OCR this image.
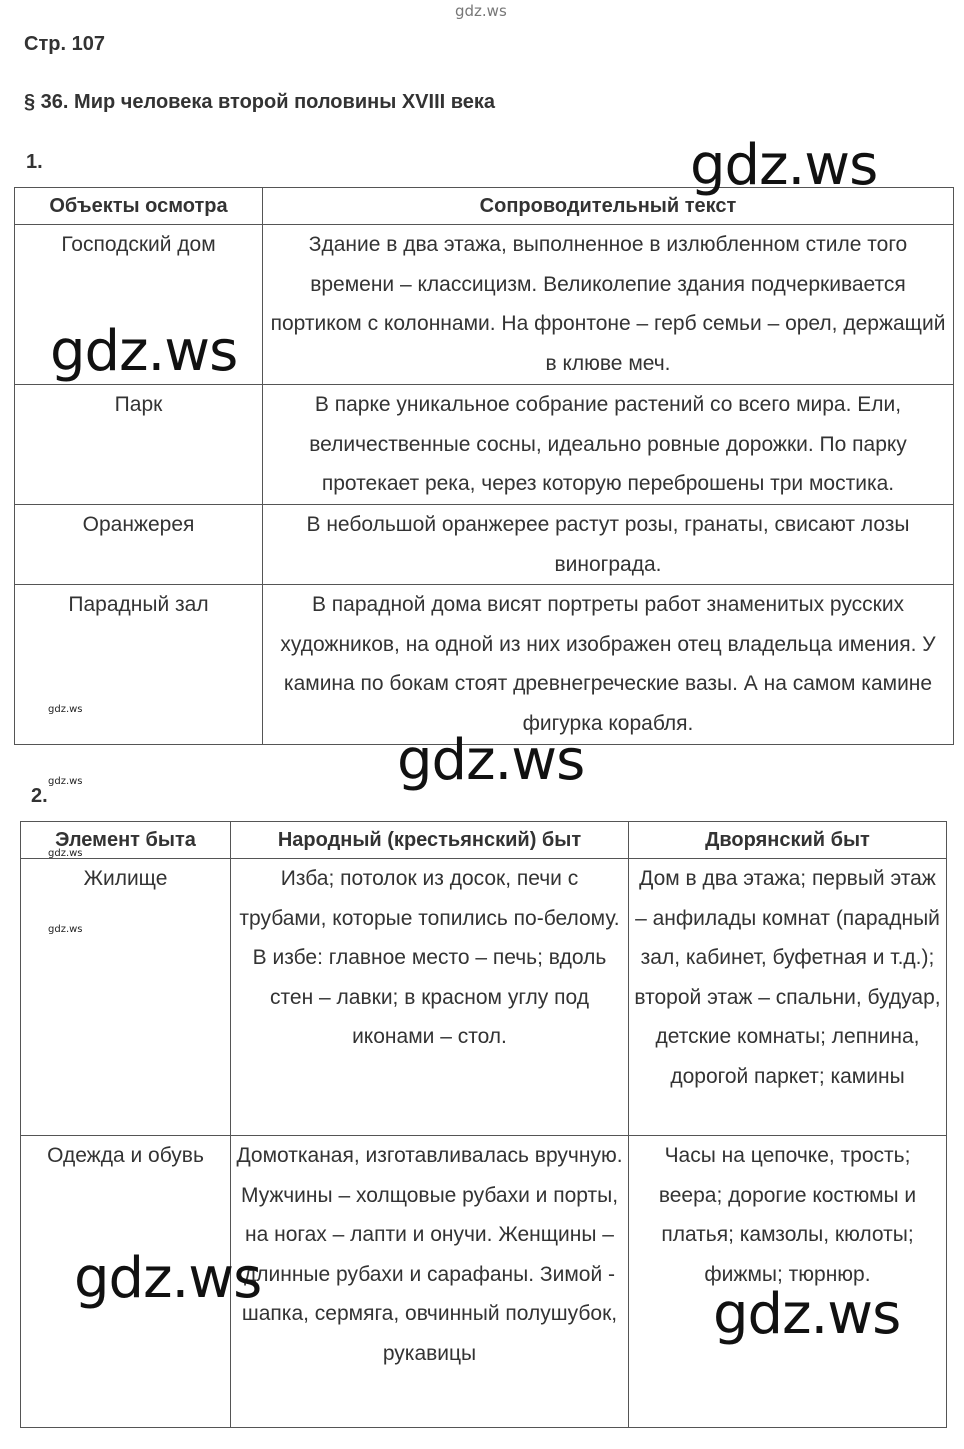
gdz.ws
Стр. 107
§ 36. Мир человека второй половины XVIII века
1.
Объекты осмотра	Сопроводительный текст
Господский дом	Здание в два этажа, выполненное в излюбленном стиле того времени – классицизм. Великолепие здания подчеркивается портиком с колоннами. На фронтоне – герб семьи – орел, держащий в клюве меч.
Парк	В парке уникальное собрание растений со всего мира. Ели, величественные сосны, идеально ровные дорожки. По парку протекает река, через которую переброшены три мостика.
Оранжерея	В небольшой оранжерее растут розы, гранаты, свисают лозы винограда.
Парадный зал	В парадной дома висят портреты работ знаменитых русских художников, на одной из них изображен отец владельца имения. У камина по бокам стоят древнегреческие вазы. А на самом камине фигурка корабля.
2.
Элемент быта	Народный (крестьянский) быт	Дворянский быт
Жилище	Изба; потолок из досок, печи с трубами, которые топились по-белому. В избе: главное место – печь; вдоль стен – лавки; в красном углу под иконами – стол.	Дом в два этажа; первый этаж – анфилады комнат (парадный зал, кабинет, буфетная и т.д.); второй этаж – спальни, будуар, детские комнаты; лепнина, дорогой паркет; камины
Одежда и обувь	Домотканая, изготавливалась вручную. Мужчины – холщовые рубахи и порты, на ногах – лапти и онучи. Женщины – длинные рубахи и сарафаны. Зимой - шапка, сермяга, овчинный полушубок, рукавицы	Часы на цепочке, трость; веера; дорогие костюмы и платья; камзолы, кюлоты; фижмы; тюрнюр.
gdz.ws
gdz.ws
gdz.ws
gdz.ws
gdz.ws
gdz.ws
gdz.ws
gdz.ws
gdz.ws
